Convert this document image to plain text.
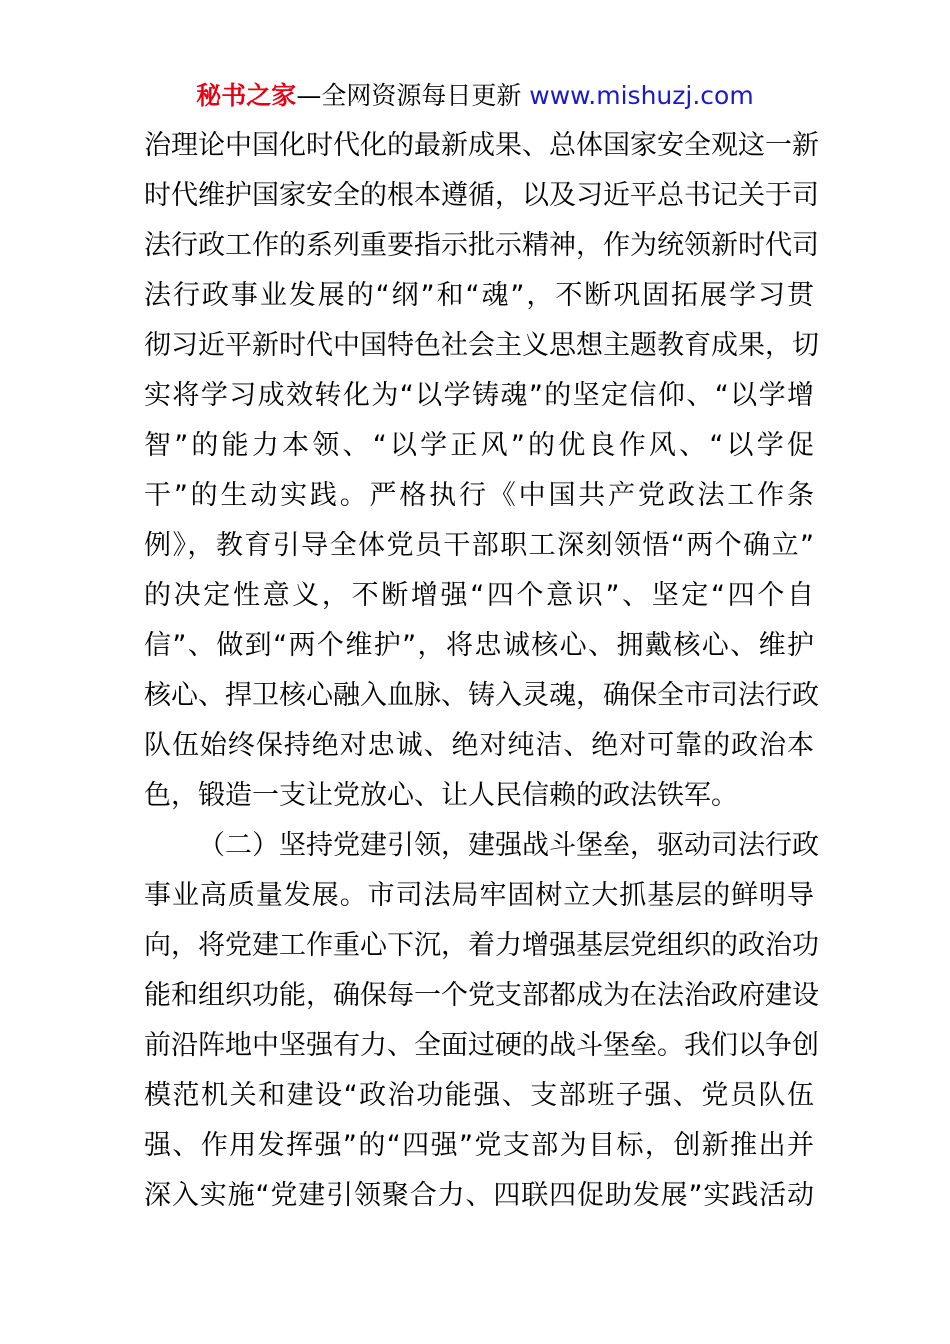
秘书之家—全网资源每日更新 www.mishuzj.com
治理论中国化时代化的最新成果、总体国家安全观这一新
时代维护国家安全的根本遵循，以及习近平总书记关于司
法行政工作的系列重要指示批示精神，作为统领新时代司
法行政事业发展的“纲”和“魂”，不断巩固拓展学习贯
彻习近平新时代中国特色社会主义思想主题教育成果，切
实将学习成效转化为“以学铸魂”的坚定信仰、“以学增
智”的能力本领、“以学正风”的优良作风、“以学促
干”的生动实践。严格执行《中国共产党政法工作条
例》，教育引导全体党员干部职工深刻领悟“两个确立”
的决定性意义，不断增强“四个意识”、坚定“四个自
信”、做到“两个维护”，将忠诚核心、拥戴核心、维护
核心、捍卫核心融入血脉、铸入灵魂，确保全市司法行政
队伍始终保持绝对忠诚、绝对纯洁、绝对可靠的政治本
色，锻造一支让党放心、让人民信赖的政法铁军。
（二）坚持党建引领，建强战斗堡垒，驱动司法行政
事业高质量发展。市司法局牢固树立大抓基层的鲜明导
向，将党建工作重心下沉，着力增强基层党组织的政治功
能和组织功能，确保每一个党支部都成为在法治政府建设
前沿阵地中坚强有力、全面过硬的战斗堡垒。我们以争创
模范机关和建设“政治功能强、支部班子强、党员队伍
强、作用发挥强”的“四强”党支部为目标，创新推出并
深入实施“党建引领聚合力、四联四促助发展”实践活动
